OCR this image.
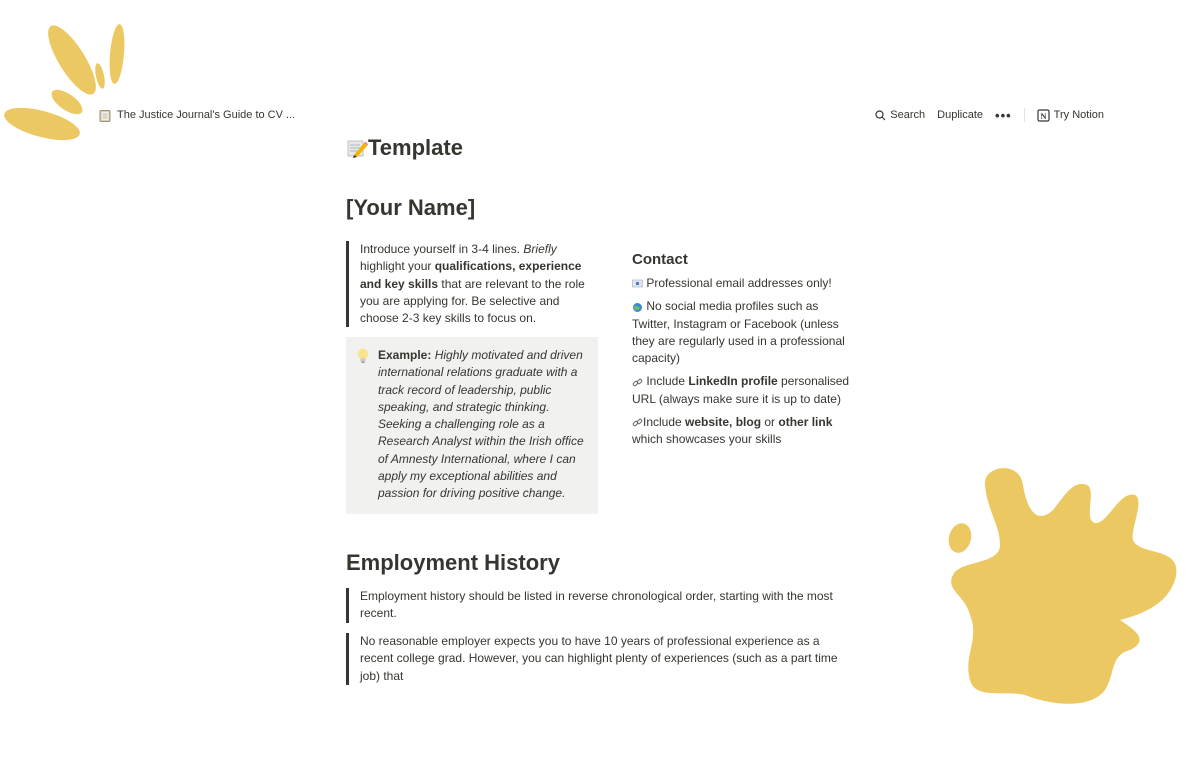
The Justice Journal's Guide to CV ...	Search Duplicate •••	N Try Notion
Template
[Your Name]
Introduce yourself in 3-4 lines. Briefly highlight your qualifications, experience and key skills that are relevant to the role you are applying for. Be selective and choose 2-3 key skills to focus on.
Example: Highly motivated and driven international relations graduate with a track record of leadership, public speaking, and strategic thinking. Seeking a challenging role as a Research Analyst within the Irish office of Amnesty International, where I can apply my exceptional abilities and passion for driving positive change.
Contact

Professional email addresses only!

No social media profiles such as Twitter, Instagram or Facebook (unless they are regularly used in a professional capacity)

Include LinkedIn profile personalised URL (always make sure it is up to date)

Include website, blog or other link which showcases your skills

Employment History
Employment history should be listed in reverse chronological order, starting with the most recent.
No reasonable employer expects you to have 10 years of professional experience as a recent college grad. However, you can highlight plenty of experiences (such as a part time job) that
